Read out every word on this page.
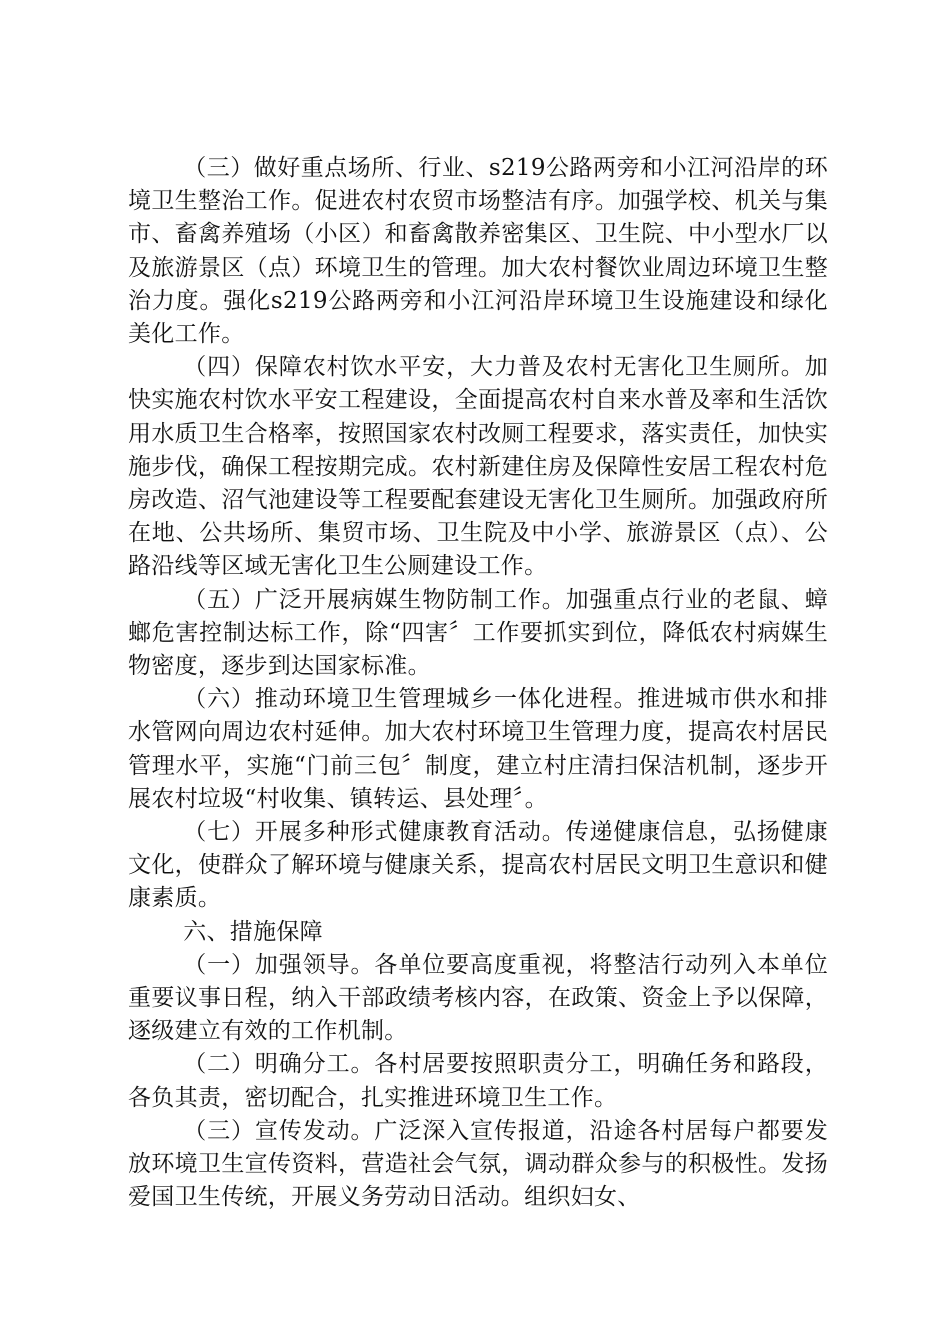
（三）做好重点场所、行业、s219公路两旁和小江河沿岸的环境卫生整治工作。促进农村农贸市场整洁有序。加强学校、机关与集市、畜禽养殖场（小区）和畜禽散养密集区、卫生院、中小型水厂以及旅游景区（点）环境卫生的管理。加大农村餐饮业周边环境卫生整治力度。强化s219公路两旁和小江河沿岸环境卫生设施建设和绿化美化工作。

（四）保障农村饮水平安，大力普及农村无害化卫生厕所。加快实施农村饮水平安工程建设，全面提高农村自来水普及率和生活饮用水质卫生合格率，按照国家农村改厕工程要求，落实责任，加快实施步伐，确保工程按期完成。农村新建住房及保障性安居工程农村危房改造、沼气池建设等工程要配套建设无害化卫生厕所。加强政府所在地、公共场所、集贸市场、卫生院及中小学、旅游景区（点）、公路沿线等区域无害化卫生公厕建设工作。

（五）广泛开展病媒生物防制工作。加强重点行业的老鼠、蟑螂危害控制达标工作，除“四害〞工作要抓实到位，降低农村病媒生物密度，逐步到达国家标准。

（六）推动环境卫生管理城乡一体化进程。推进城市供水和排水管网向周边农村延伸。加大农村环境卫生管理力度，提高农村居民管理水平，实施“门前三包〞制度，建立村庄清扫保洁机制，逐步开展农村垃圾“村收集、镇转运、县处理〞。

（七）开展多种形式健康教育活动。传递健康信息，弘扬健康文化，使群众了解环境与健康关系，提高农村居民文明卫生意识和健康素质。

六、措施保障

（一）加强领导。各单位要高度重视，将整洁行动列入本单位重要议事日程，纳入干部政绩考核内容，在政策、资金上予以保障，逐级建立有效的工作机制。

（二）明确分工。各村居要按照职责分工，明确任务和路段，各负其责，密切配合，扎实推进环境卫生工作。

（三）宣传发动。广泛深入宣传报道，沿途各村居每户都要发放环境卫生宣传资料，营造社会气氛，调动群众参与的积极性。发扬爱国卫生传统，开展义务劳动日活动。组织妇女、
